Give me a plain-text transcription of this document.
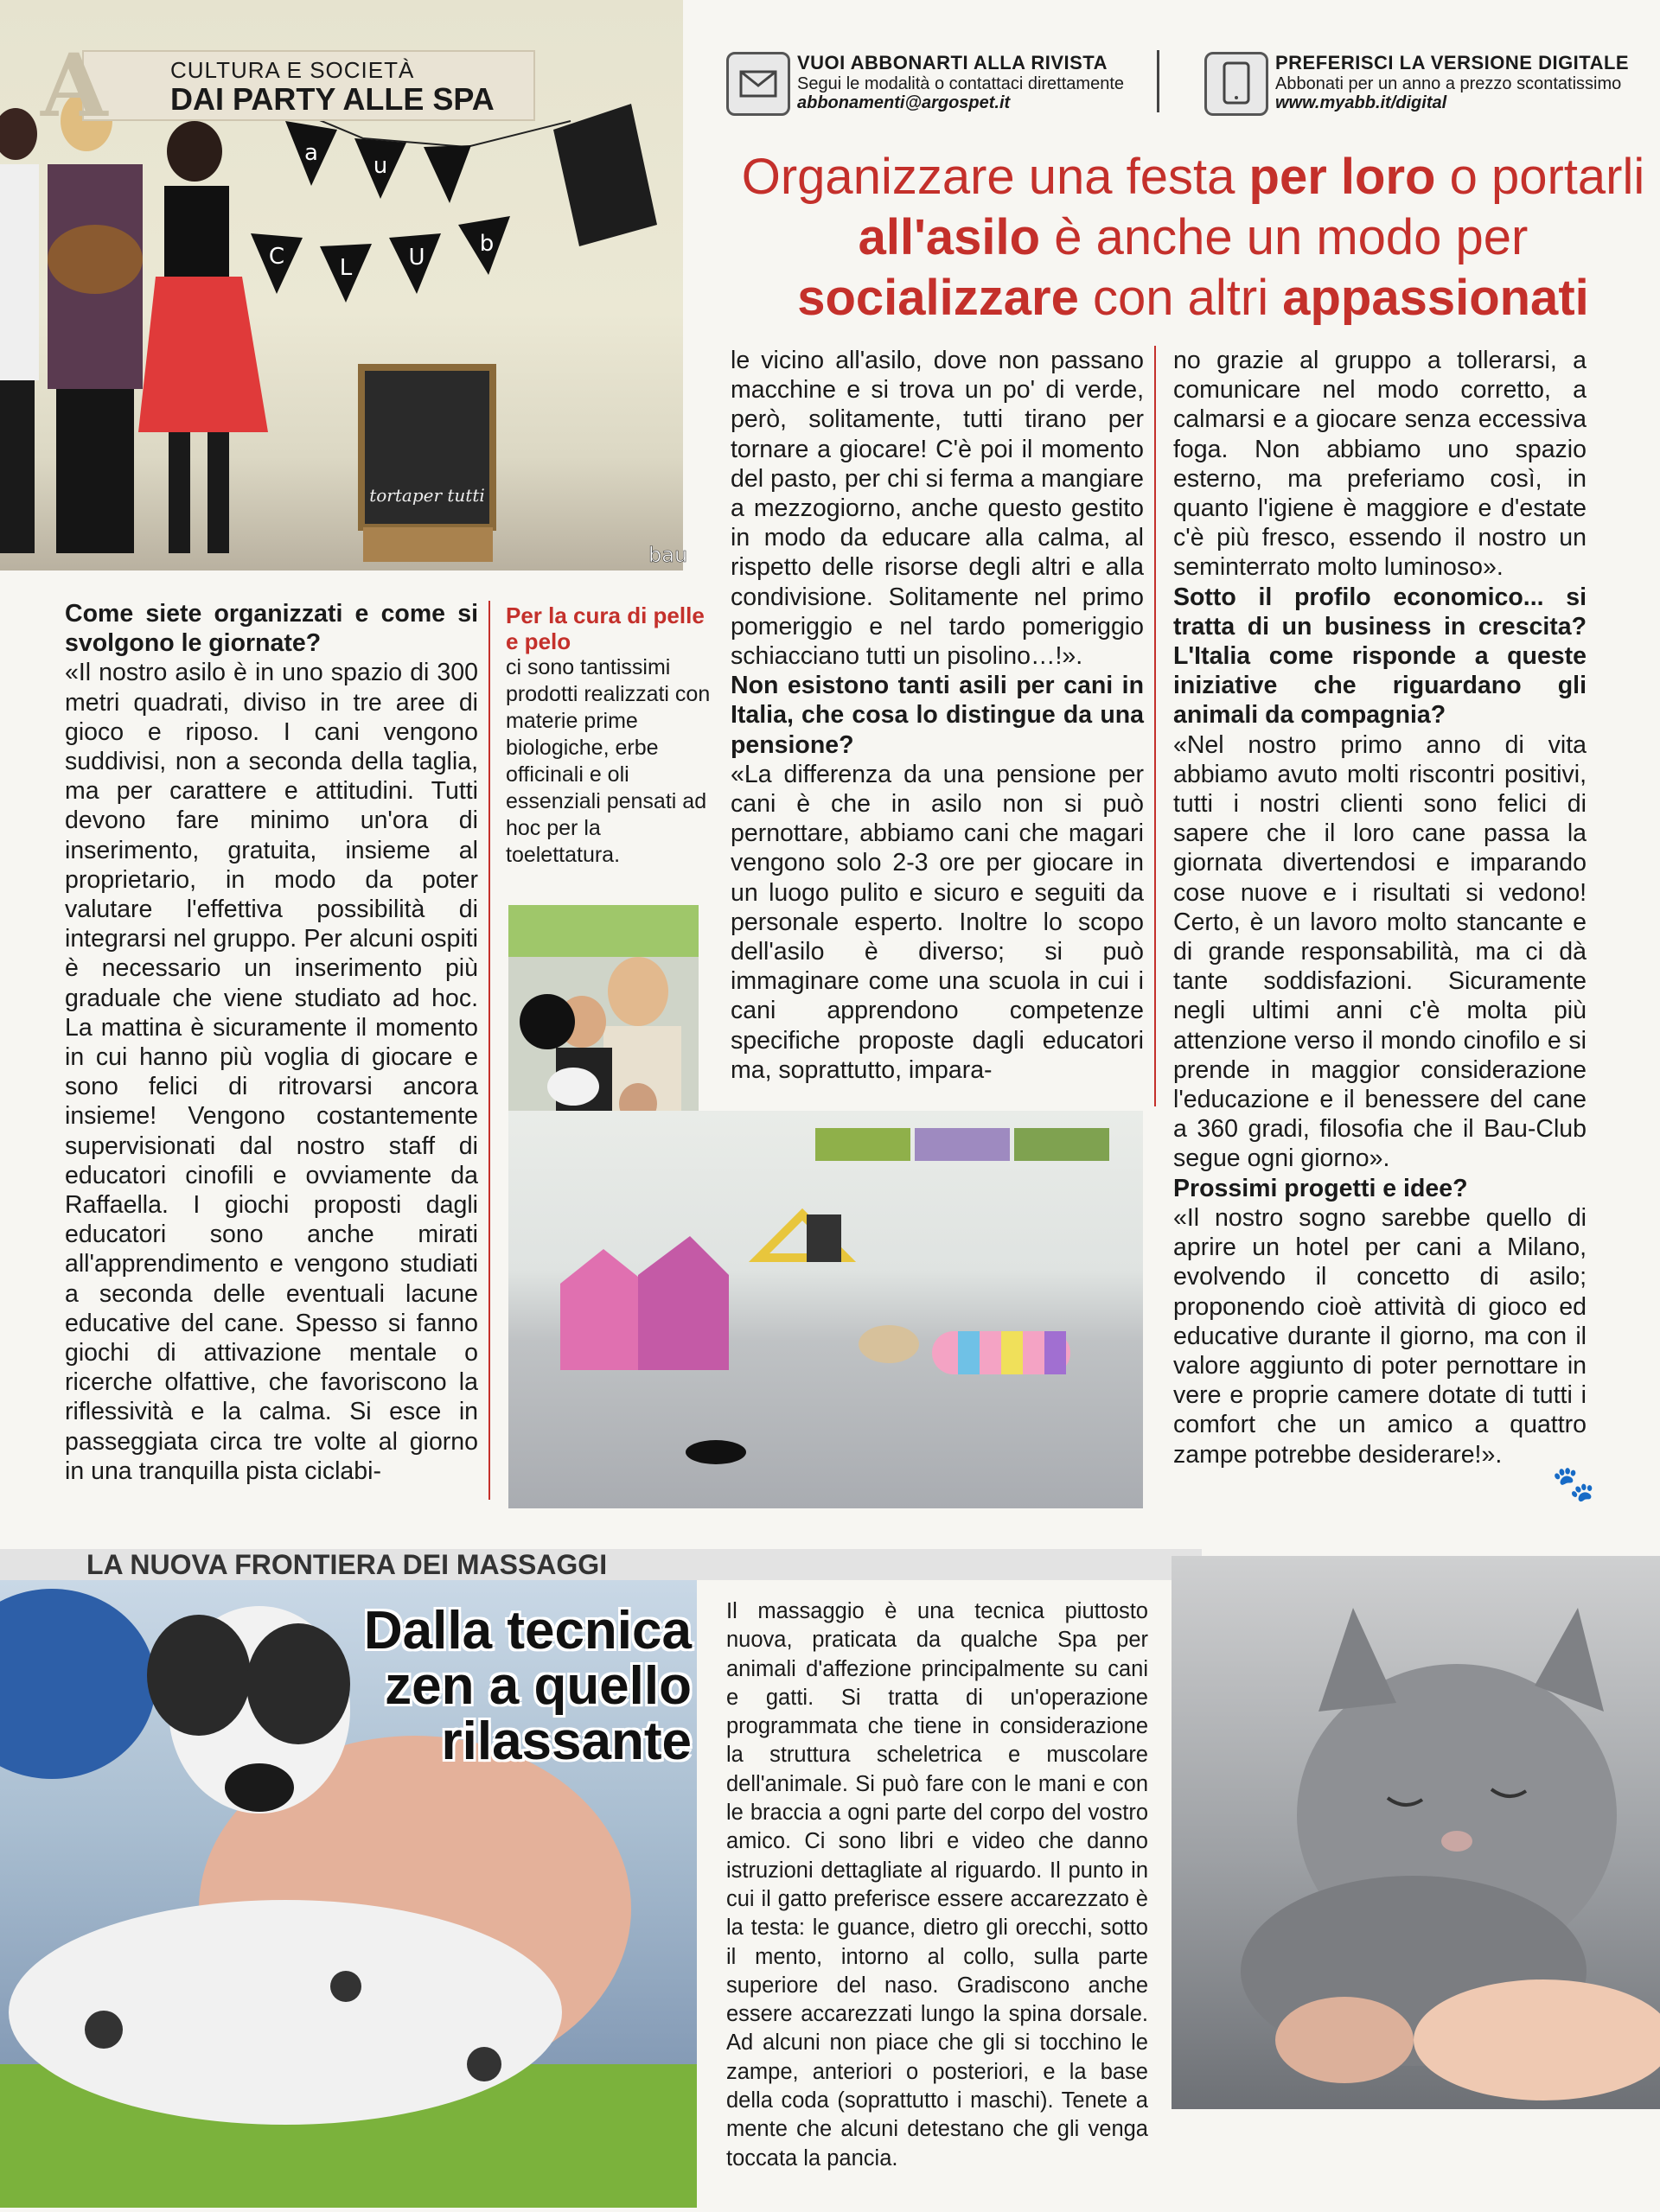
a u
C L	U
b
tortaper tutti
bau
A	CULTURA E SOCIETÀ
DAI PARTY ALLE SPA
VUOI ABBONARTI ALLA RIVISTA
Segui le modalità o contattaci direttamente
abbonamenti@argospet.it
PREFERISCI LA VERSIONE DIGITALE
Abbonati per un anno a prezzo scontatissimo
www.myabb.it/digital
Organizzare una festa per loro o portarli all'asilo è anche un modo per socializzare con altri appassionati

Come siete organizzati e come si svolgono le giornate?

«Il nostro asilo è in uno spazio di 300 metri quadrati, diviso in tre aree di gioco e riposo. I cani vengono suddivisi, non a seconda della taglia, ma per carattere e attitudini. Tutti devono fare minimo un'ora di inserimento, gratuita, insieme al proprietario, in modo da poter valutare l'effettiva possibilità di integrarsi nel gruppo. Per alcuni ospiti è necessario un inserimento più graduale che viene studiato ad hoc. La mattina è sicuramente il momento in cui hanno più voglia di giocare e sono felici di ritrovarsi ancora insieme! Vengono costantemente supervisionati dal nostro staff di educatori cinofili e ovviamente da Raffaella. I giochi proposti dagli educatori sono anche mirati all'apprendimento e vengono studiati a seconda delle eventuali lacune educative del cane. Spesso si fanno giochi di attivazione mentale o ricerche olfattive, che favoriscono la riflessività e la calma. Si esce in passeggiata circa tre volte al giorno in una tranquilla pista ciclabi-

Per la cura di pelle e pelo
ci sono tantissimi prodotti realizzati con materie prime biologiche, erbe officinali e oli essenziali pensati ad hoc per la toelettatura.

le vicino all'asilo, dove non passano macchine e si trova un po' di verde, però, solitamente, tutti tirano per tornare a giocare! C'è poi il momento del pasto, per chi si ferma a mangiare a mezzogiorno, anche questo gestito in modo da educare alla calma, al rispetto delle risorse degli altri e alla condivisione. Solitamente nel primo pomeriggio e nel tardo pomeriggio schiacciano tutti un pisolino…!».

Non esistono tanti asili per cani in Italia, che cosa lo distingue da una pensione?

«La differenza da una pensione per cani è che in asilo non si può pernottare, abbiamo cani che magari vengono solo 2-3 ore per giocare in un luogo pulito e sicuro e seguiti da personale esperto. Inoltre lo scopo dell'asilo è diverso; si può immaginare come una scuola in cui i cani apprendono competenze specifiche proposte dagli educatori ma, soprattutto, impara-

no grazie al gruppo a tollerarsi, a comunicare nel modo corretto, a calmarsi e a giocare senza eccessiva foga. Non abbiamo uno spazio esterno, ma preferiamo così, in quanto l'igiene è maggiore e d'estate c'è più fresco, essendo il nostro un seminterrato molto luminoso».

Sotto il profilo economico... si tratta di un business in crescita? L'Italia come risponde a queste iniziative che riguardano gli animali da compagnia?

«Nel nostro primo anno di vita abbiamo avuto molti riscontri positivi, tutti i nostri clienti sono felici di sapere che il loro cane passa la giornata divertendosi e imparando cose nuove e i risultati si vedono! Certo, è un lavoro molto stancante e di grande responsabilità, ma ci dà tante soddisfazioni. Sicuramente negli ultimi anni c'è molta più attenzione verso il mondo cinofilo e si prende in maggior considerazione l'educazione e il benessere del cane a 360 gradi, filosofia che il Bau-Club segue ogni giorno».

Prossimi progetti e idee?

«Il nostro sogno sarebbe quello di aprire un hotel per cani a Milano, evolvendo il concetto di asilo; proponendo cioè attività di gioco ed educative durante il giorno, ma con il valore aggiunto di poter pernottare in vere e proprie camere dotate di tutti i comfort che un amico a quattro zampe potrebbe desiderare!».

🐾
LA NUOVA FRONTIERA DEI MASSAGGI
Dalla tecnica zen a quello rilassante
Il massaggio è una tecnica piuttosto nuova, praticata da qualche Spa per animali d'affezione principalmente su cani e gatti. Si tratta di un'operazione programmata che tiene in considerazione la struttura scheletrica e muscolare dell'animale. Si può fare con le mani e con le braccia a ogni parte del corpo del vostro amico. Ci sono libri e video che danno istruzioni dettagliate al riguardo. Il punto in cui il gatto preferisce essere accarezzato è la testa: le guance, dietro gli orecchi, sotto il mento, intorno al collo, sulla parte superiore del naso. Gradiscono anche essere accarezzati lungo la spina dorsale. Ad alcuni non piace che gli si tocchino le zampe, anteriori o posteriori, e la base della coda (soprattutto i maschi). Tenete a mente che alcuni detestano che gli venga toccata la pancia.
